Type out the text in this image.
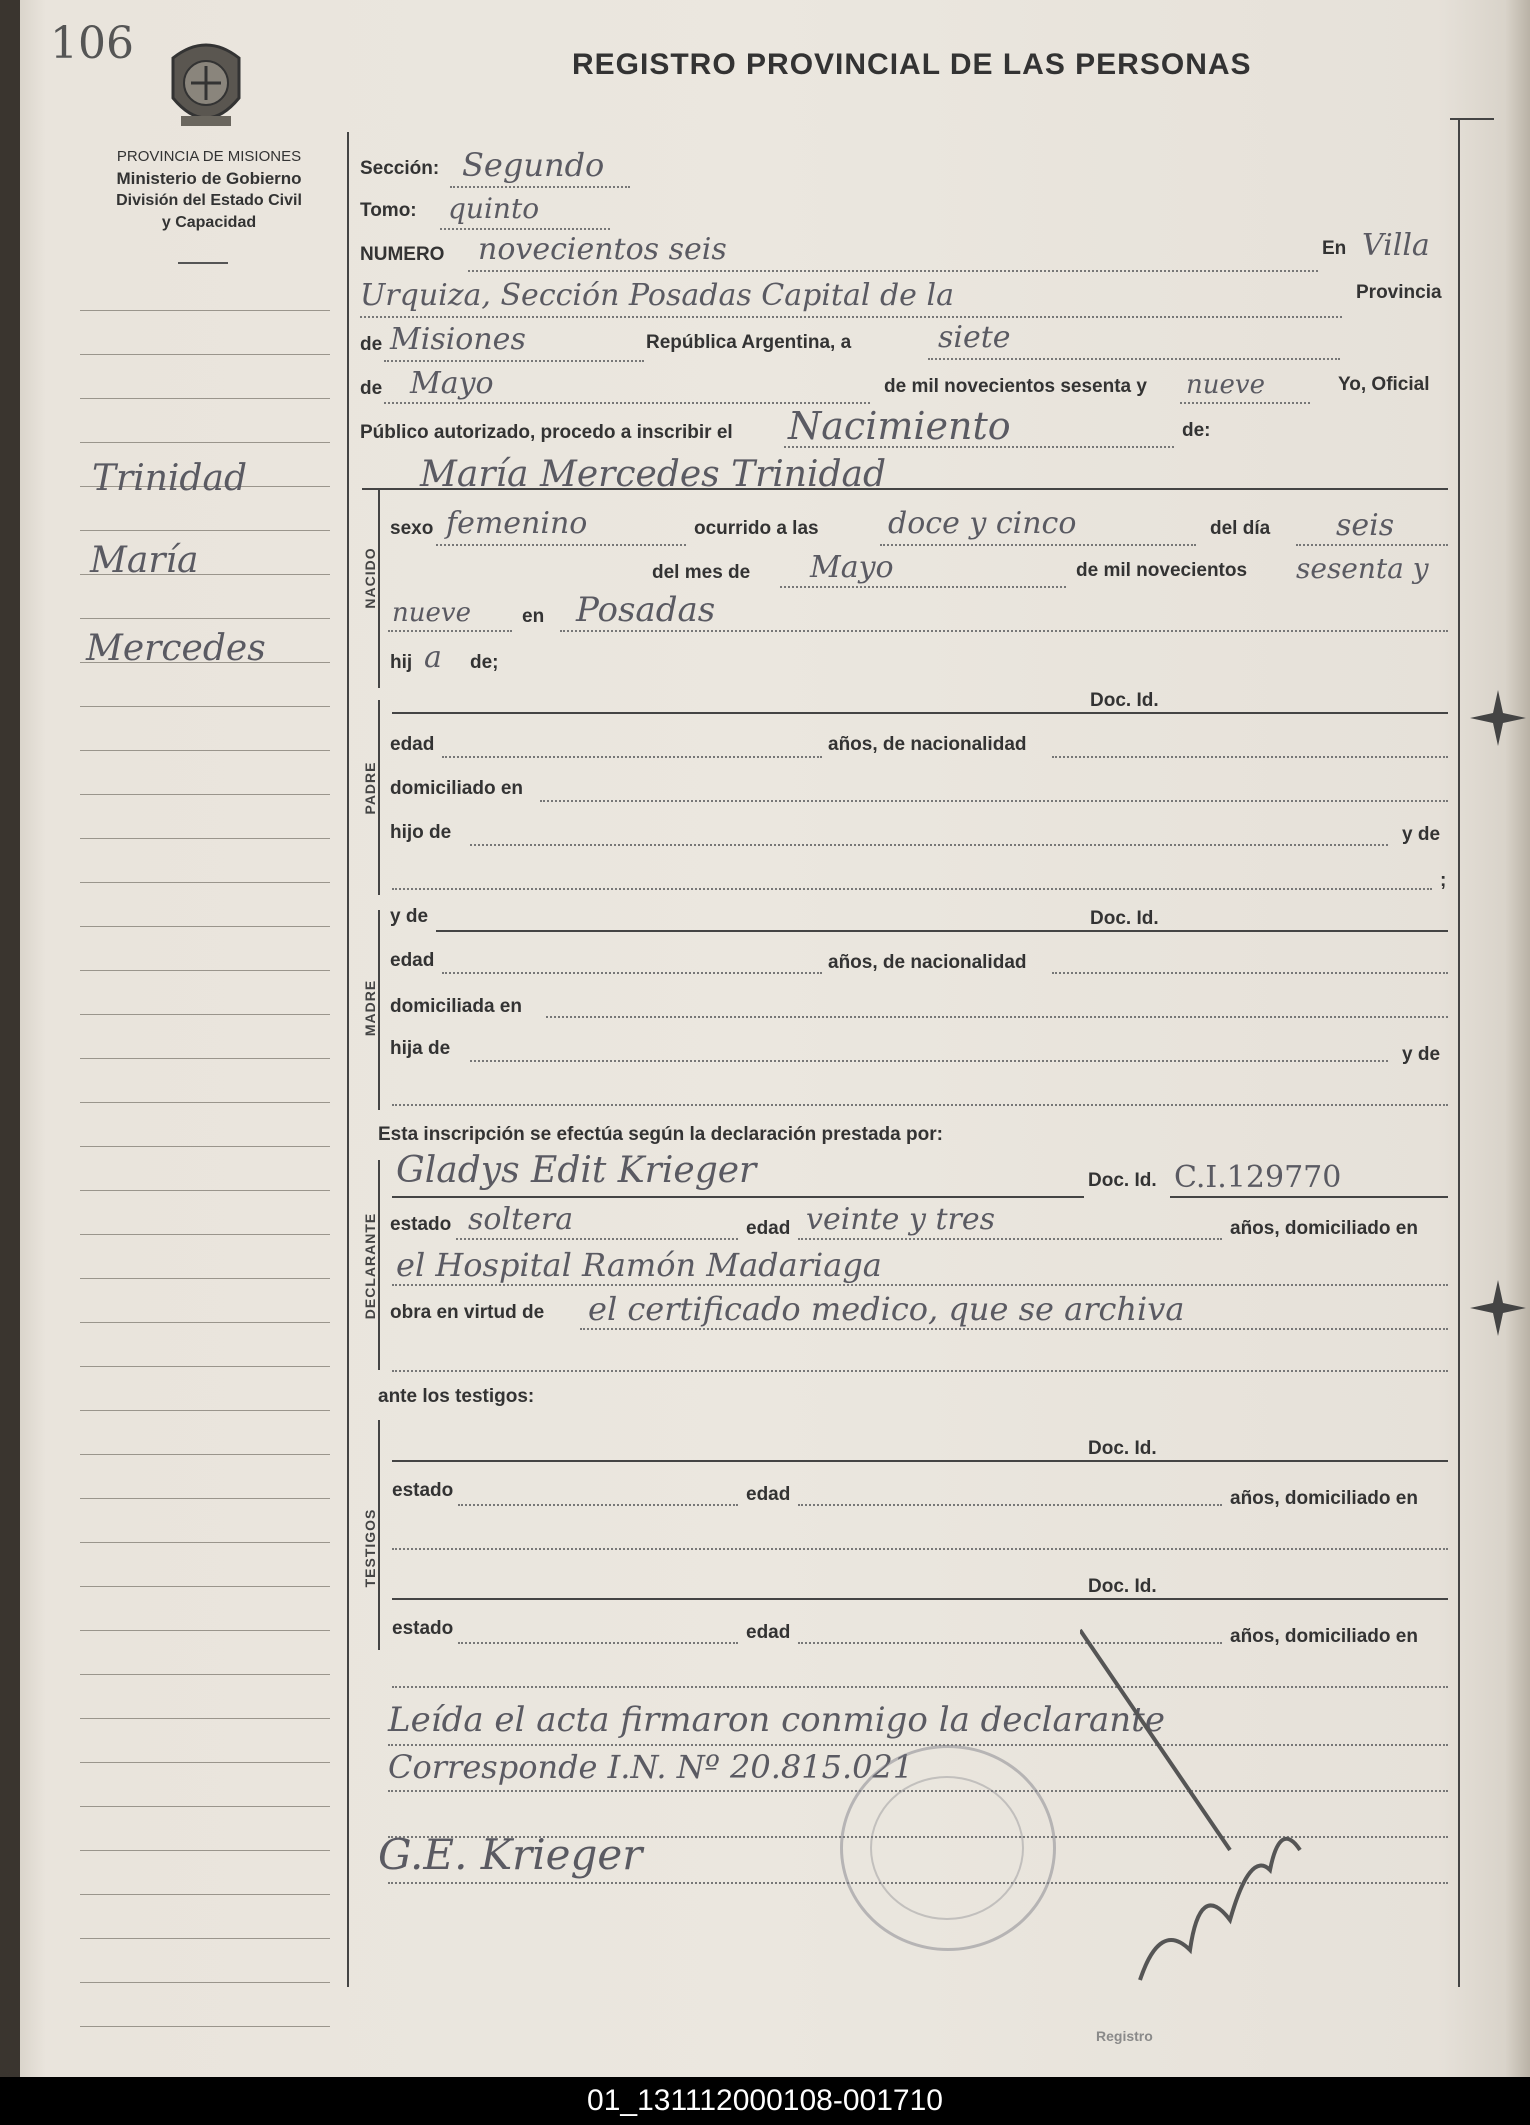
106	REGISTRO PROVINCIAL DE LAS PERSONAS
PROVINCIA DE MISIONES
Ministerio de Gobierno
División del Estado Civil
y Capacidad
Trinidad
María
Mercedes
Sección: Segundo
Tomo: quinto
NUMERO novecientos seis	En Villa
Urquiza, Sección Posadas Capital de la	Provincia
de Misiones	República Argentina, a	siete
de Mayo	de mil novecientos sesenta y nueve	Yo, Oficial
Público autorizado, procedo a inscribir el Nacimiento	de:
María Mercedes Trinidad
NACIDO
sexo femenino	ocurrido a las doce y cinco	del día seis
del mes de Mayo	de mil novecientos sesenta y
nueve	en Posadas
hij a de;
PADRE
Doc. Id.
edad	años, de nacionalidad
domiciliado en
hijo de	y de
;
MADRE
y de	Doc. Id.
edad	años, de nacionalidad
domiciliada en
hija de	y de
Esta inscripción se efectúa según la declaración prestada por:
DECLARANTE
Gladys Edit Krieger	Doc. Id. C.I.129770
estado soltera	edad veinte y tres	años, domiciliado en
el Hospital Ramón Madariaga
obra en virtud de el certificado medico, que se archiva
ante los testigos:
TESTIGOS
Doc. Id.
estado	edad	años, domiciliado en
Doc. Id.
estado	edad	años, domiciliado en
Leída el acta firmaron conmigo la declarante
Corresponde I.N. Nº 20.815.021
G.E. Krieger
Registro
01_131112000108-001710
